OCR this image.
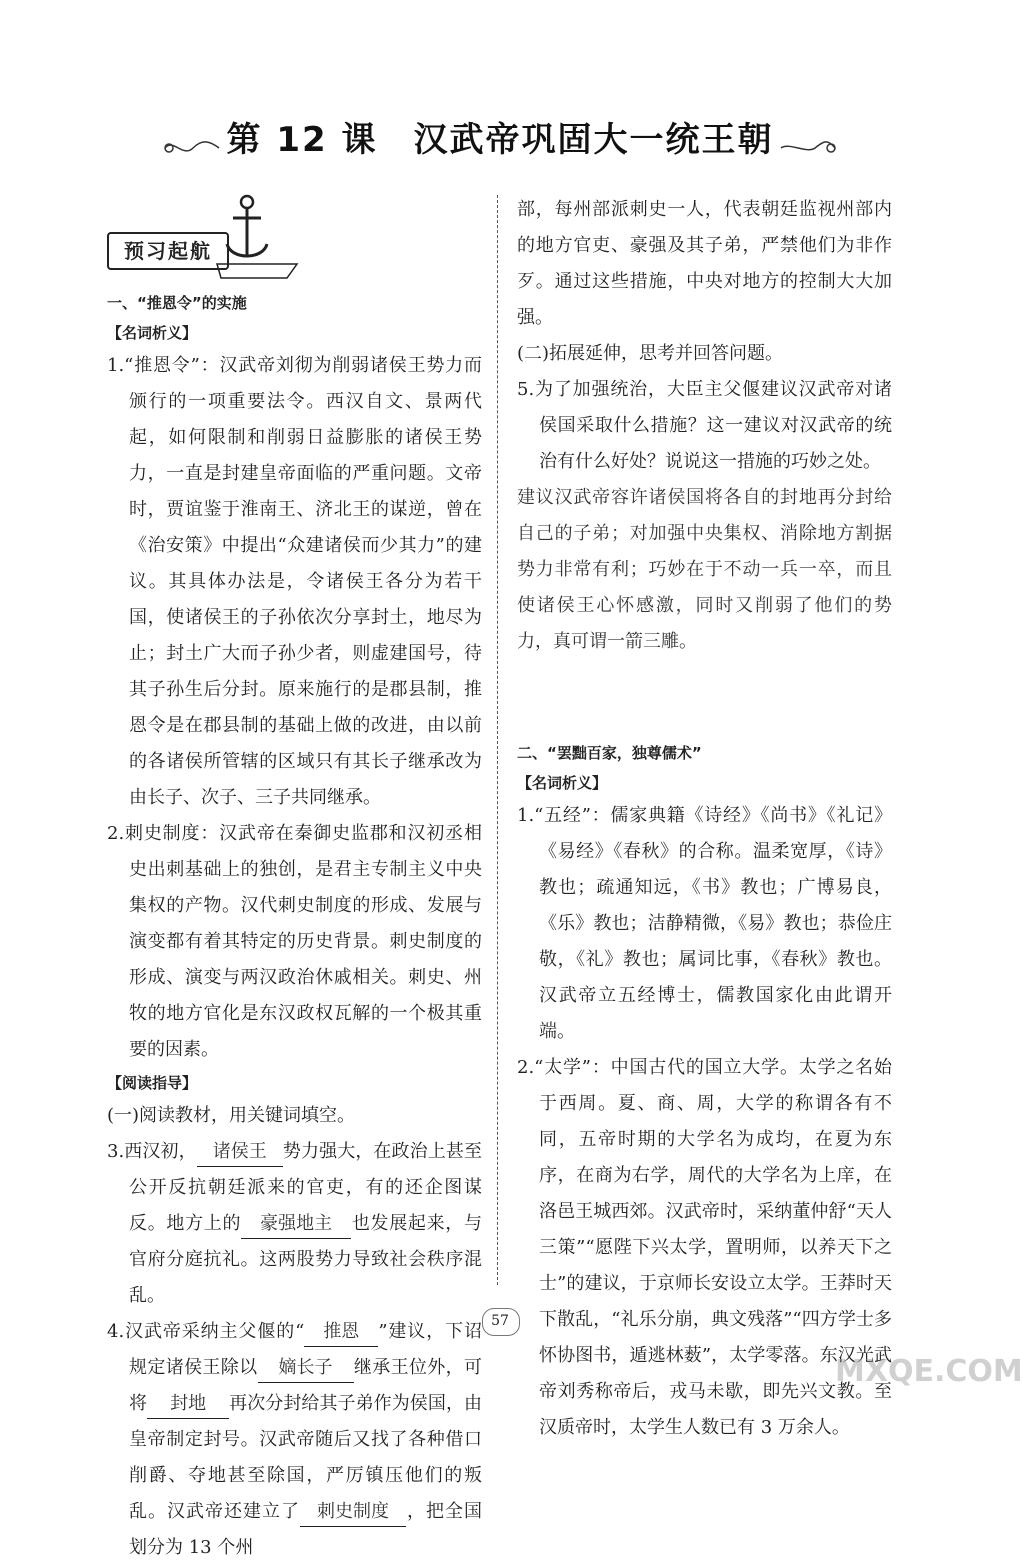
第 12 课　汉武帝巩固大一统王朝
预习起航
一、“推恩令”的实施
【名词析义】

1.“推恩令”：汉武帝刘彻为削弱诸侯王势力而颁行的一项重要法令。西汉自文、景两代起，如何限制和削弱日益膨胀的诸侯王势力，一直是封建皇帝面临的严重问题。文帝时，贾谊鉴于淮南王、济北王的谋逆，曾在《治安策》中提出“众建诸侯而少其力”的建议。其具体办法是，令诸侯王各分为若干国，使诸侯王的子孙依次分享封土，地尽为止；封土广大而子孙少者，则虚建国号，待其子孙生后分封。原来施行的是郡县制，推恩令是在郡县制的基础上做的改进，由以前的各诸侯所管辖的区域只有其长子继承改为由长子、次子、三子共同继承。

2.刺史制度：汉武帝在秦御史监郡和汉初丞相史出刺基础上的独创，是君主专制主义中央集权的产物。汉代刺史制度的形成、发展与演变都有着其特定的历史背景。刺史制度的形成、演变与两汉政治休戚相关。刺史、州牧的地方官化是东汉政权瓦解的一个极其重要的因素。

【阅读指导】

(一)阅读教材，用关键词填空。

3.西汉初， 诸侯王 势力强大，在政治上甚至公开反抗朝廷派来的官吏，有的还企图谋反。地方上的 豪强地主 也发展起来，与官府分庭抗礼。这两股势力导致社会秩序混乱。

4.汉武帝采纳主父偃的“ 推恩 ”建议，下诏规定诸侯王除以 嫡长子 继承王位外，可将 封地 再次分封给其子弟作为侯国，由皇帝制定封号。汉武帝随后又找了各种借口削爵、夺地甚至除国，严厉镇压他们的叛乱。汉武帝还建立了 刺史制度 ，把全国划分为 13 个州

部，每州部派刺史一人，代表朝廷监视州部内的地方官吏、豪强及其子弟，严禁他们为非作歹。通过这些措施，中央对地方的控制大大加强。

(二)拓展延伸，思考并回答问题。

5.为了加强统治，大臣主父偃建议汉武帝对诸侯国采取什么措施？这一建议对汉武帝的统治有什么好处？说说这一措施的巧妙之处。

建议汉武帝容许诸侯国将各自的封地再分封给自己的子弟；对加强中央集权、消除地方割据势力非常有利；巧妙在于不动一兵一卒，而且使诸侯王心怀感激，同时又削弱了他们的势力，真可谓一箭三雕。

二、“罢黜百家，独尊儒术”
【名词析义】

1.“五经”：儒家典籍《诗经》《尚书》《礼记》《易经》《春秋》的合称。温柔宽厚，《诗》教也；疏通知远，《书》教也；广博易良，《乐》教也；洁静精微，《易》教也；恭俭庄敬，《礼》教也；属词比事，《春秋》教也。汉武帝立五经博士，儒教国家化由此谓开端。

2.“太学”：中国古代的国立大学。太学之名始于西周。夏、商、周，大学的称谓各有不同，五帝时期的大学名为成均，在夏为东序，在商为右学，周代的大学名为上庠，在洛邑王城西郊。汉武帝时，采纳董仲舒“天人三策”“愿陛下兴太学，置明师，以养天下之士”的建议，于京师长安设立太学。王莽时天下散乱，“礼乐分崩，典文残落”“四方学士多怀协图书，遁逃林薮”，太学零落。东汉光武帝刘秀称帝后，戎马未歇，即先兴文教。至汉质帝时，太学生人数已有 3 万余人。

57
MXQE.COM
